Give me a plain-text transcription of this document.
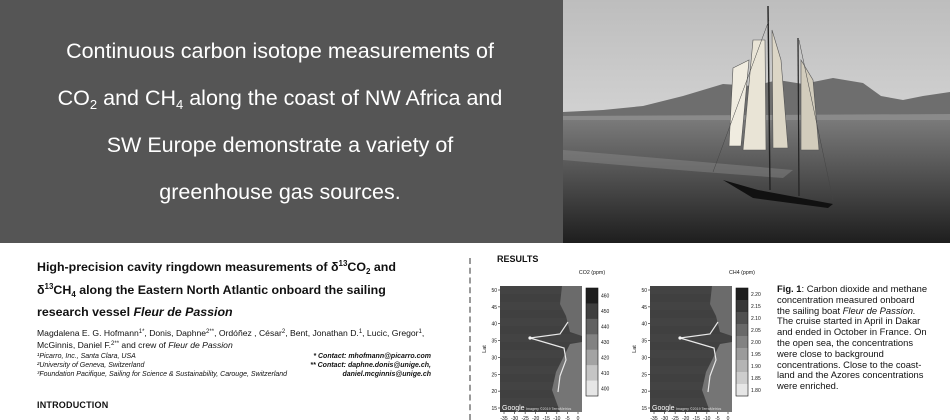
Continuous carbon isotope measurements of
$CO_2$ and $CH_4$ along the coast of NW Africa and
SW Europe demonstrate a variety of
greenhouse gas sources.
High-precision cavity ringdown measurements of $\delta^{13}CO_2$ and
$\delta^{13}CH_4$ along the Eastern North Atlantic onboard the sailing
research vessel Fleur de Passion
Magdalena E. G. Hofmann$^{1*}$, Donis, Daphne$^{2**}$, Ordóñez , César$^2$, Bent, Jonathan D.$^1$, Lucic, Gregor$^1$,
McGinnis, Daniel F.$^{2**}$ and crew of Fleur de Passion
¹Picarro, Inc., Santa Clara, USA
²University of Geneva, Switzerland
³Foundation Pacifique, Sailing for Science & Sustainability, Carouge, Switzerland
* Contact: mhofmann@picarro.com
** Contact: daphne.donis@unige.ch,
daniel.mcginnis@unige.ch
INTRODUCTION
RESULTS
50
45
40
35
30
25
20
15
-35 -30 -25 -20 -15 -10 -5 0
Lat
Google Imagery ©2019 TerraMetrics
460
450
440
430
420
410
400
CO2 (ppm)
50
45
40
35
30
25
20
15
-35 -30 -25 -20 -15 -10 -5 0
Lat
Google Imagery ©2019 TerraMetrics
2.20
2.15
2.10
2.05
2.00
1.95
1.90
1.85
1.80
CH4 (ppm)
Fig. 1: Carbon dioxide and methane
concentration measured onboard
the sailing boat Fleur de Passion.
The cruise started in April in Dakar
and ended in October in France. On
the open sea, the concentrations
were close to background
concentrations. Close to the coast-
land and the Azores concentrations
were enriched.
